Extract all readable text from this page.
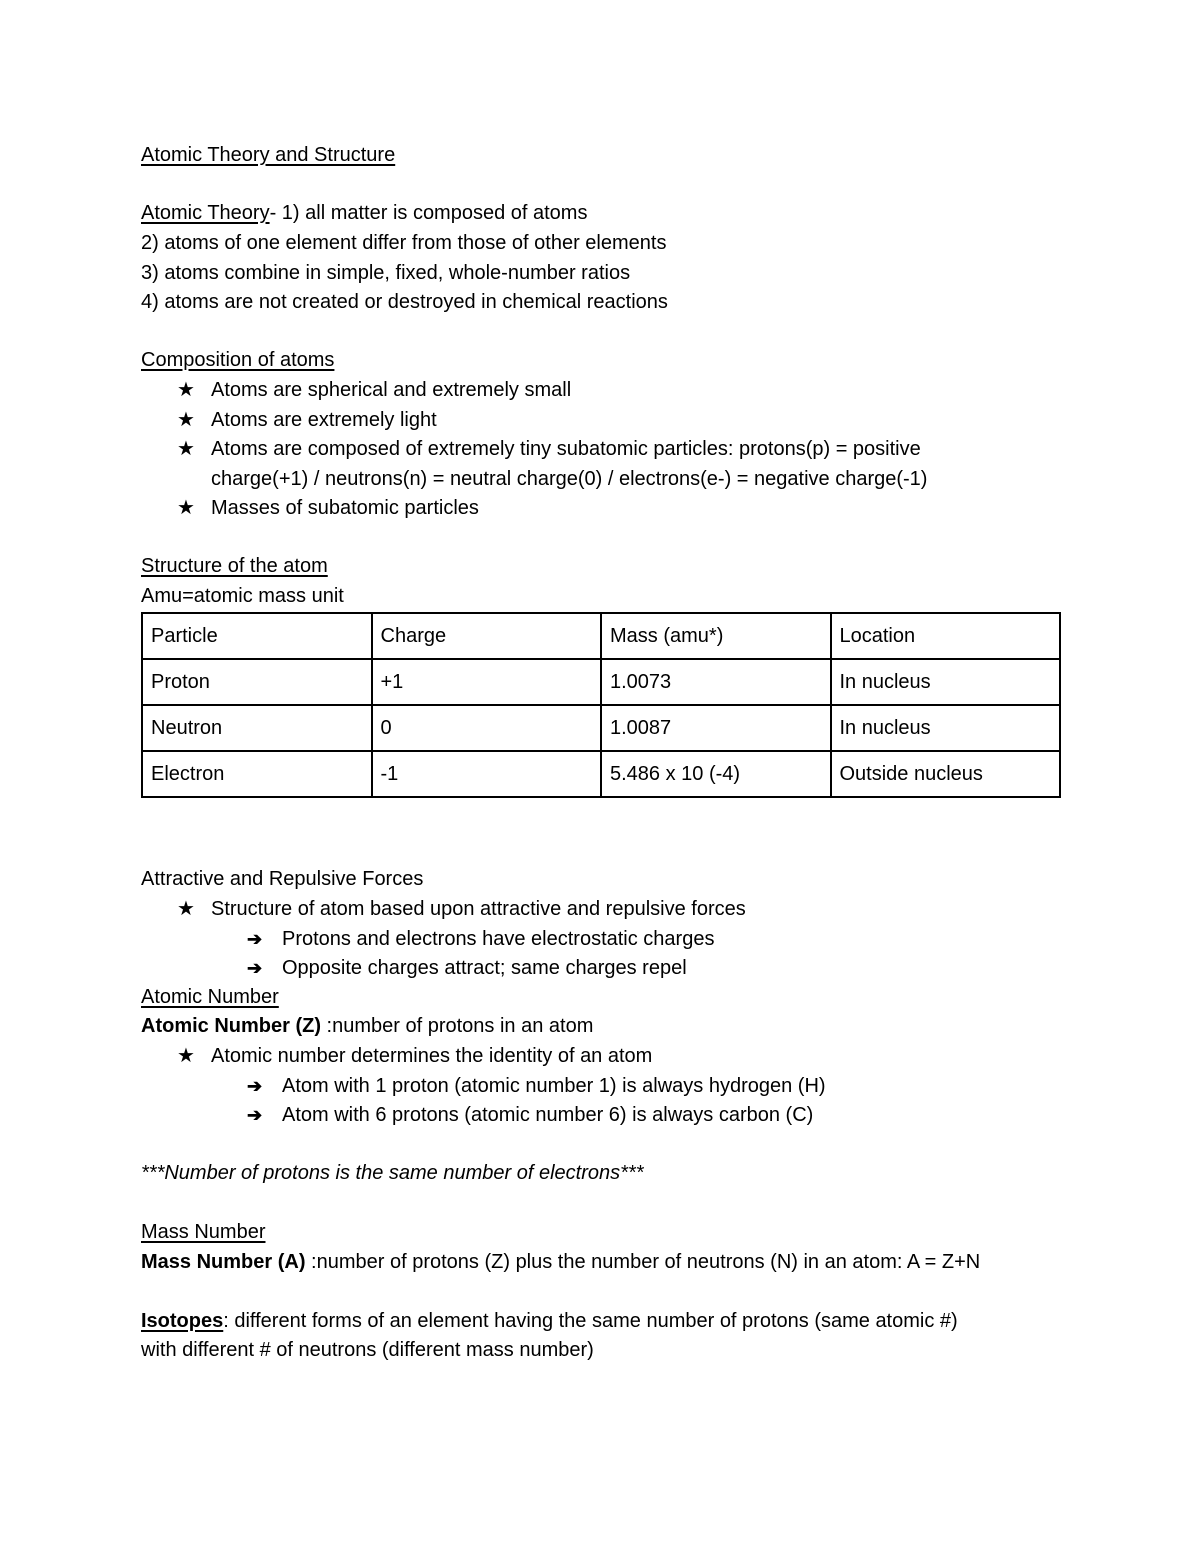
Atomic Theory and Structure
Atomic Theory- 1) all matter is composed of atoms
2) atoms of one element differ from those of other elements
3) atoms combine in simple, fixed, whole-number ratios
4) atoms are not created or destroyed in chemical reactions
Composition of atoms
★ Atoms are spherical and extremely small
★ Atoms are extremely light
★ Atoms are composed of extremely tiny subatomic particles: protons(p) = positive
charge(+1) / neutrons(n) = neutral charge(0) / electrons(e-) = negative charge(-1)
★ Masses of subatomic particles
Structure of the atom
Amu=atomic mass unit
Particle	Charge	Mass (amu*)	Location
Proton	+1	1.0073	In nucleus
Neutron	0	1.0087	In nucleus
Electron	-1	5.486 x 10 (-4)	Outside nucleus
Attractive and Repulsive Forces
★ Structure of atom based upon attractive and repulsive forces
➔ Protons and electrons have electrostatic charges
➔ Opposite charges attract; same charges repel
Atomic Number
Atomic Number (Z) :number of protons in an atom
★ Atomic number determines the identity of an atom
➔ Atom with 1 proton (atomic number 1) is always hydrogen (H)
➔ Atom with 6 protons (atomic number 6) is always carbon (C)
***Number of protons is the same number of electrons***
Mass Number
Mass Number (A) :number of protons (Z) plus the number of neutrons (N) in an atom: A = Z+N
Isotopes: different forms of an element having the same number of protons (same atomic #)
with different # of neutrons (different mass number)
